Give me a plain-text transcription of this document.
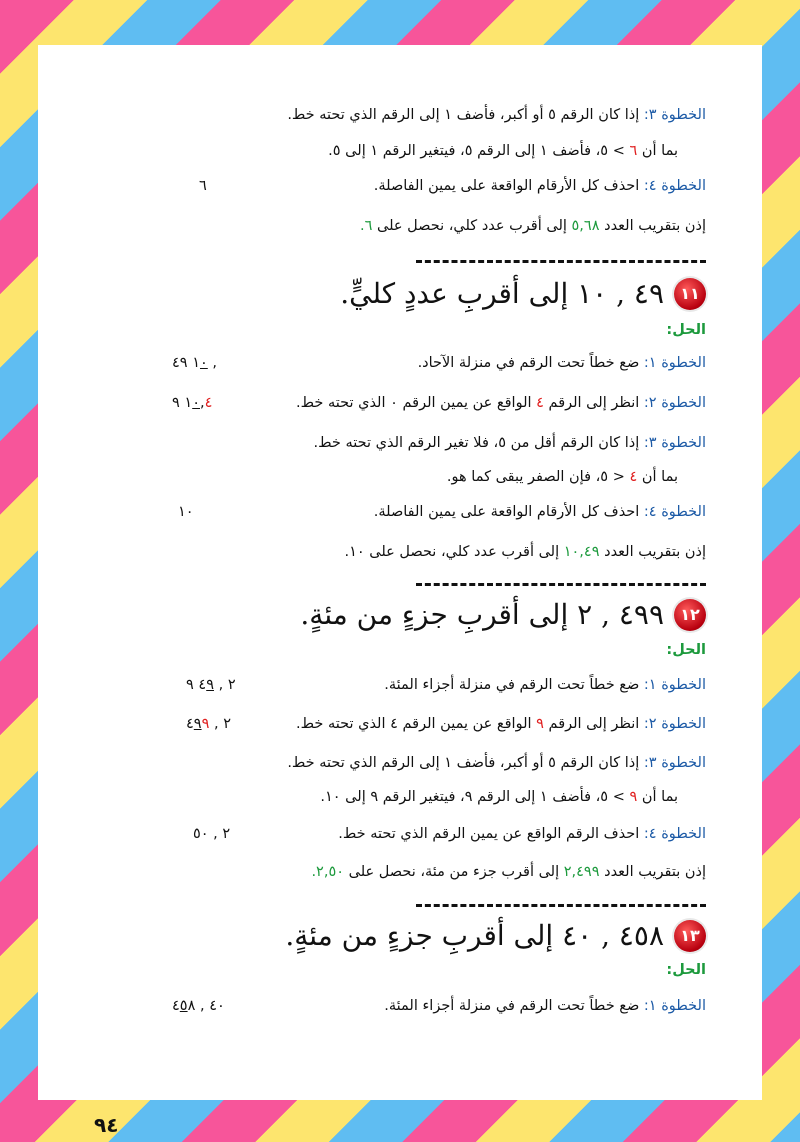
الخطوة ٣: إذا كان الرقم ٥ أو أكبر، فأضف ١ إلى الرقم الذي تحته خط.
بما أن ٦ > ٥، فأضف ١ إلى الرقم ٥، فيتغير الرقم ١ إلى ٥.
الخطوة ٤: احذف كل الأرقام الواقعة على يمين الفاصلة.
٦
إذن بتقريب العدد ٥,٦٨ إلى أقرب عدد كلي، نحصل على ٦.
١١
٤٩ , ١٠ إلى أقربِ عددٍ كليٍّ.
الحل:
الخطوة ١: ضع خطاً تحت الرقم في منزلة الآحاد.
١٠ ٤٩ ,
الخطوة ٢: انظر إلى الرقم ٤ الواقع عن يمين الرقم ٠ الذي تحته خط.
١٠,٤ ٩
الخطوة ٣: إذا كان الرقم أقل من ٥، فلا تغير الرقم الذي تحته خط.
بما أن ٤ < ٥، فإن الصفر يبقى كما هو.
الخطوة ٤: احذف كل الأرقام الواقعة على يمين الفاصلة.
١٠
إذن بتقريب العدد ١٠,٤٩ إلى أقرب عدد كلي، نحصل على ١٠.
١٢
٤٩٩ , ٢ إلى أقربِ جزءٍ من مئةٍ.
الحل:
الخطوة ١: ضع خطاً تحت الرقم في منزلة أجزاء المئة.
٢ , ٤٩ ٩
الخطوة ٢: انظر إلى الرقم ٩ الواقع عن يمين الرقم ٤ الذي تحته خط.
٢ , ٤٩٩
الخطوة ٣: إذا كان الرقم ٥ أو أكبر، فأضف ١ إلى الرقم الذي تحته خط.
بما أن ٩ > ٥، فأضف ١ إلى الرقم ٩، فيتغير الرقم ٩ إلى ١٠.
الخطوة ٤: احذف الرقم الواقع عن يمين الرقم الذي تحته خط.
٢ , ٥٠
إذن بتقريب العدد ٢,٤٩٩ إلى أقرب جزء من مئة، نحصل على ٢,٥٠.
١٣
٤٥٨ , ٤٠ إلى أقربِ جزءٍ من مئةٍ.
الحل:
الخطوة ١: ضع خطاً تحت الرقم في منزلة أجزاء المئة.
٤٠ , ٤٥٨
٩٤
